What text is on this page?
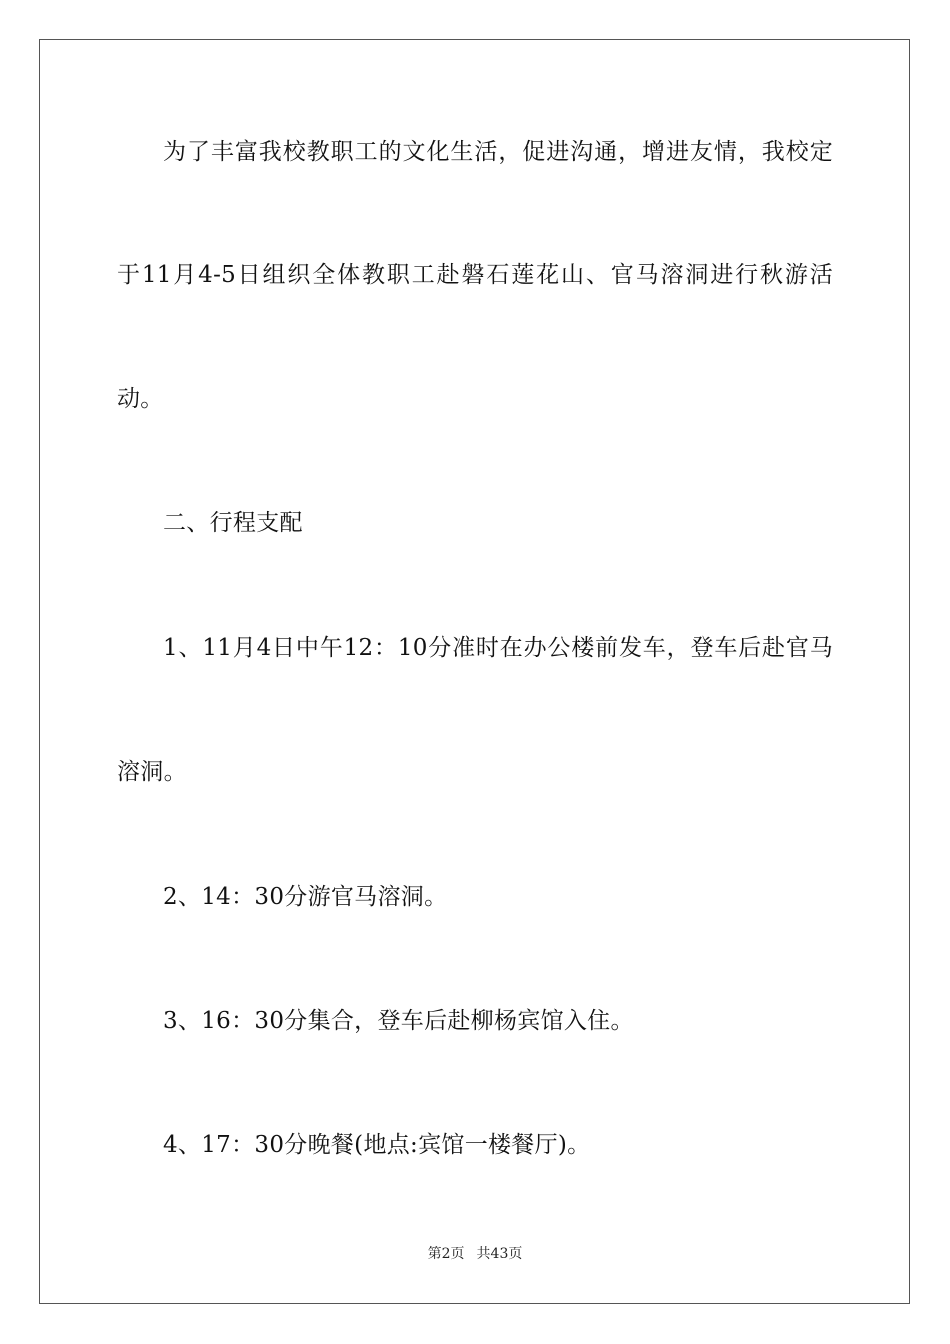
为了丰富我校教职工的文化生活，促进沟通，增进友情，我校定
于11月4-5日组织全体教职工赴磐石莲花山、官马溶洞进行秋游活
动。
二、行程支配
1、11月4日中午12：10分准时在办公楼前发车，登车后赴官马
溶洞。
2、14：30分游官马溶洞。
3、16：30分集合，登车后赴柳杨宾馆入住。
4、17：30分晚餐(地点:宾馆一楼餐厅)。
第2页 共43页
